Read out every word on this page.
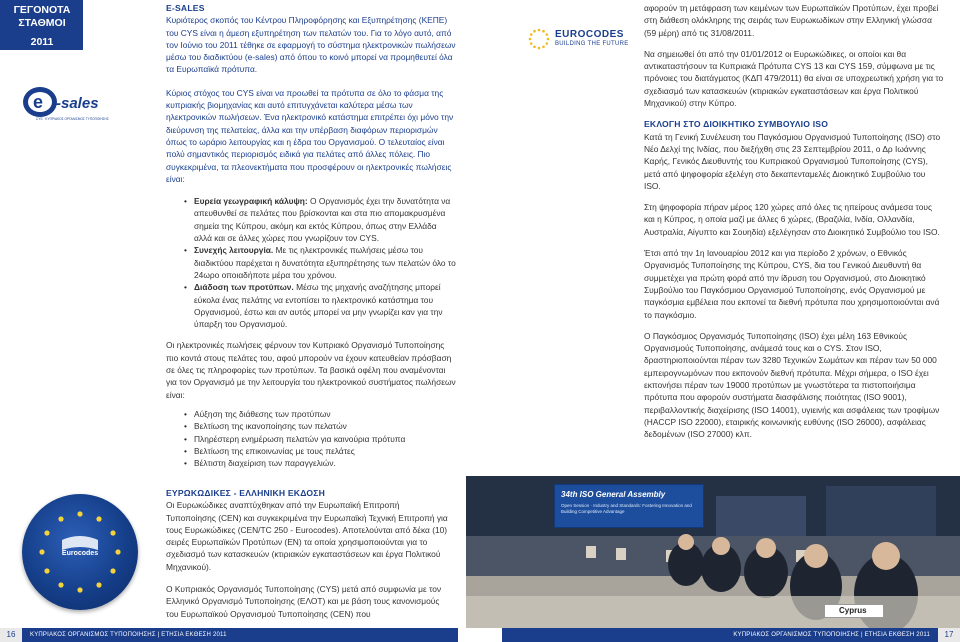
ΓΕΓΟΝΟΤΑ
ΣΤΑΘΜΟΙ
2011
e -sales
CYS · ΚΥΠΡΙΑΚΟΣ ΟΡΓΑΝΙΣΜΟΣ ΤΥΠΟΠΟΙΗΣΗΣ
Eurocodes
E-SALES

Κυριότερος σκοπός του Κέντρου Πληροφόρησης και Εξυπηρέτησης (ΚΕΠΕ) του CYS είναι η άμεση εξυπηρέτηση των πελατών του. Για το λόγο αυτό, από τον Ιούνιο του 2011 τέθηκε σε εφαρμογή το σύστημα ηλεκτρονικών πωλήσεων μέσω του διαδικτύου (e-sales) από όπου το κοινό μπορεί να προμηθευτεί όλα τα Ευρωπαϊκά πρότυπα.

Κύριος στόχος του CYS είναι να προωθεί τα πρότυπα σε όλο το φάσμα της κυπριακής βιομηχανίας και αυτό επιτυγχάνεται καλύτερα μέσω των ηλεκτρονικών πωλήσεων. Ένα ηλεκτρονικό κατάστημα επιτρέπει όχι μόνο την διεύρυνση της πελατείας, άλλα και την υπέρβαση διαφόρων περιορισμών όπως το ωράριο λειτουργίας και η έδρα του Οργανισμού. Ο τελευταίος είναι πολύ σημαντικός περιορισμός ειδικά για πελάτες από άλλες πόλεις. Πιο συγκεκριμένα, τα πλεονεκτήματα που προσφέρουν οι ηλεκτρονικές πωλήσεις είναι:

• Ευρεία γεωγραφική κάλυψη: Ο Οργανισμός έχει την δυνατότητα να απευθυνθεί σε πελάτες που βρίσκονται και στα πιο απομακρυσμένα σημεία της Κύπρου, ακόμη και εκτός Κύπρου, όπως στην Ελλάδα αλλά και σε άλλες χώρες που γνωρίζουν τον CYS.
• Συνεχής λειτουργία. Με τις ηλεκτρονικές πωλήσεις μέσω του διαδικτύου παρέχεται η δυνατότητα εξυπηρέτησης των πελατών όλο το 24ωρο οποιαδήποτε μέρα του χρόνου.
• Διάδοση των προτύπων. Μέσω της μηχανής αναζήτησης μπορεί εύκολα ένας πελάτης να εντοπίσει το ηλεκτρονικό κατάστημα του Οργανισμού, έστω και αν αυτός μπορεί να μην γνωρίζει καν για την ύπαρξη του Οργανισμού.

Οι ηλεκτρονικές πωλήσεις φέρνουν τον Κυπριακό Οργανισμό Τυποποίησης πιο κοντά στους πελάτες του, αφού μπορούν να έχουν κατευθείαν πρόσβαση σε όλες τις πληροφορίες των προτύπων. Τα βασικά οφέλη που αναμένονται για τον Οργανισμό με την λειτουργία του ηλεκτρονικού συστήματος πωλήσεων είναι:

• Αύξηση της διάθεσης των προτύπων
• Βελτίωση της ικανοποίησης των πελατών
• Πληρέστερη ενημέρωση πελατών για καινούρια πρότυπα
• Βελτίωση της επικοινωνίας με τους πελάτες
• Βέλτιστη διαχείριση των παραγγελιών.
ΕΥΡΩΚΩΔΙΚΕΣ - ΕΛΛΗΝΙΚΗ ΕΚΔΟΣΗ

Οι Ευρωκώδικες αναπτύχθηκαν από την Ευρωπαϊκή Επιτροπή Τυποποίησης (CEN) και συγκεκριμένα την Ευρωπαϊκή Τεχνική Επιτροπή για τους Ευρωκώδικες (CEN/TC 250 - Eurocodes). Αποτελούνται από δέκα (10) σειρές Ευρωπαϊκών Προτύπων (EN) τα οποία χρησιμοποιούνται για το σχεδιασμό των κατασκευών (κτιριακών εγκαταστάσεων και έργα Πολιτικού Μηχανικού).

Ο Κυπριακός Οργανισμός Τυποποίησης (CYS) μετά από συμφωνία με τον Ελληνικό Οργανισμό Τυποποίησης (ΕΛΟΤ) και με βάση τους κανονισμούς του Ευρωπαϊκού Οργανισμού Τυποποίησης (CEN) που

EUROCODES
BUILDING THE FUTURE

αφορούν τη μετάφραση των κειμένων των Ευρωπαϊκών Προτύπων, έχει προβεί στη διάθεση ολόκληρης της σειράς των Ευρωκωδίκων στην Ελληνική γλώσσα (59 μέρη) από τις 31/08/2011.

Να σημειωθεί ότι από την 01/01/2012 οι Ευρωκώδικες, οι οποίοι και θα αντικαταστήσουν τα Κυπριακά Πρότυπα CYS 13 και CYS 159, σύμφωνα με τις πρόνοιες του διατάγματος (ΚΔΠ 479/2011) θα είναι σε υποχρεωτική χρήση για το σχεδιασμό των κατασκευών (κτιριακών εγκαταστάσεων και έργα Πολιτικού Μηχανικού) στην Κύπρο.

ΕΚΛΟΓΗ ΣΤΟ ΔΙΟΙΚΗΤΙΚΟ ΣΥΜΒΟΥΛΙΟ ISO

Κατά τη Γενική Συνέλευση του Παγκόσμιου Οργανισμού Τυποποίησης (ISO) στο Νέο Δελχί της Ινδίας, που διεξήχθη στις 23 Σεπτεμβρίου 2011, ο Δρ Ιωάννης Καρής, Γενικός Διευθυντής του Κυπριακού Οργανισμού Τυποποίησης (CYS), μετά από ψηφοφορία εξελέγη στο δεκαπενταμελές Διοικητικό Συμβούλιο του ISO.

Στη ψηφοφορία πήραν μέρος 120 χώρες από όλες τις ηπείρους ανάμεσα τους και η Κύπρος, η οποία μαζί με άλλες 6 χώρες, (Βραζιλία, Ινδία, Ολλανδία, Αυστραλία, Αίγυπτο και Σουηδία) εξελέγησαν στο Διοικητικό Συμβούλιο του ISO.

Έτσι από την 1η Ιανουαρίου 2012 και για περίοδο 2 χρόνων, ο Εθνικός Οργανισμός Τυποποίησης της Κύπρου, CYS, δια του Γενικού Διευθυντή θα συμμετέχει για πρώτη φορά από την ίδρυση του Οργανισμού, στο Διοικητικό Συμβούλιο του Παγκόσμιου Οργανισμού Τυποποίησης, ενός Οργανισμού με παγκόσμια εμβέλεια που εκπονεί τα διεθνή πρότυπα που χρησιμοποιούνται ανά το παγκόσμιο.

Ο Παγκόσμιος Οργανισμός Τυποποίησης (ISO) έχει μέλη 163 Εθνικούς Οργανισμούς Τυποποίησης, ανάμεσά τους και ο CYS. Στον ISO, δραστηριοποιούνται πέραν των 3280 Τεχνικών Σωμάτων και πέραν των 50 000 εμπειρογνωμόνων που εκπονούν διεθνή πρότυπα. Μέχρι σήμερα, ο ISO έχει εκπονήσει πέραν των 19000 προτύπων με γνωστότερα τα πιστοποιήσιμα πρότυπα που αφορούν συστήματα διασφάλισης ποιότητας (ISO 9001), περιβαλλοντικής διαχείρισης (ISO 14001), υγιεινής και ασφάλειας των τροφίμων (HACCP ISO 22000), εταιρικής κοινωνικής ευθύνης (ISO 26000), ασφάλειας δεδομένων (ISO 27000) κλπ.

34th ISO General Assembly
Open Session · Industry and Standards: Fostering Innovation and Building Competitive Advantage
Cyprus
16	ΚΥΠΡΙΑΚΟΣ ΟΡΓΑΝΙΣΜΟΣ ΤΥΠΟΠΟΙΗΣΗΣ | ΕΤΗΣΙΑ ΕΚΘΕΣΗ 2011	ΚΥΠΡΙΑΚΟΣ ΟΡΓΑΝΙΣΜΟΣ ΤΥΠΟΠΟΙΗΣΗΣ | ΕΤΗΣΙΑ ΕΚΘΕΣΗ 2011	17
